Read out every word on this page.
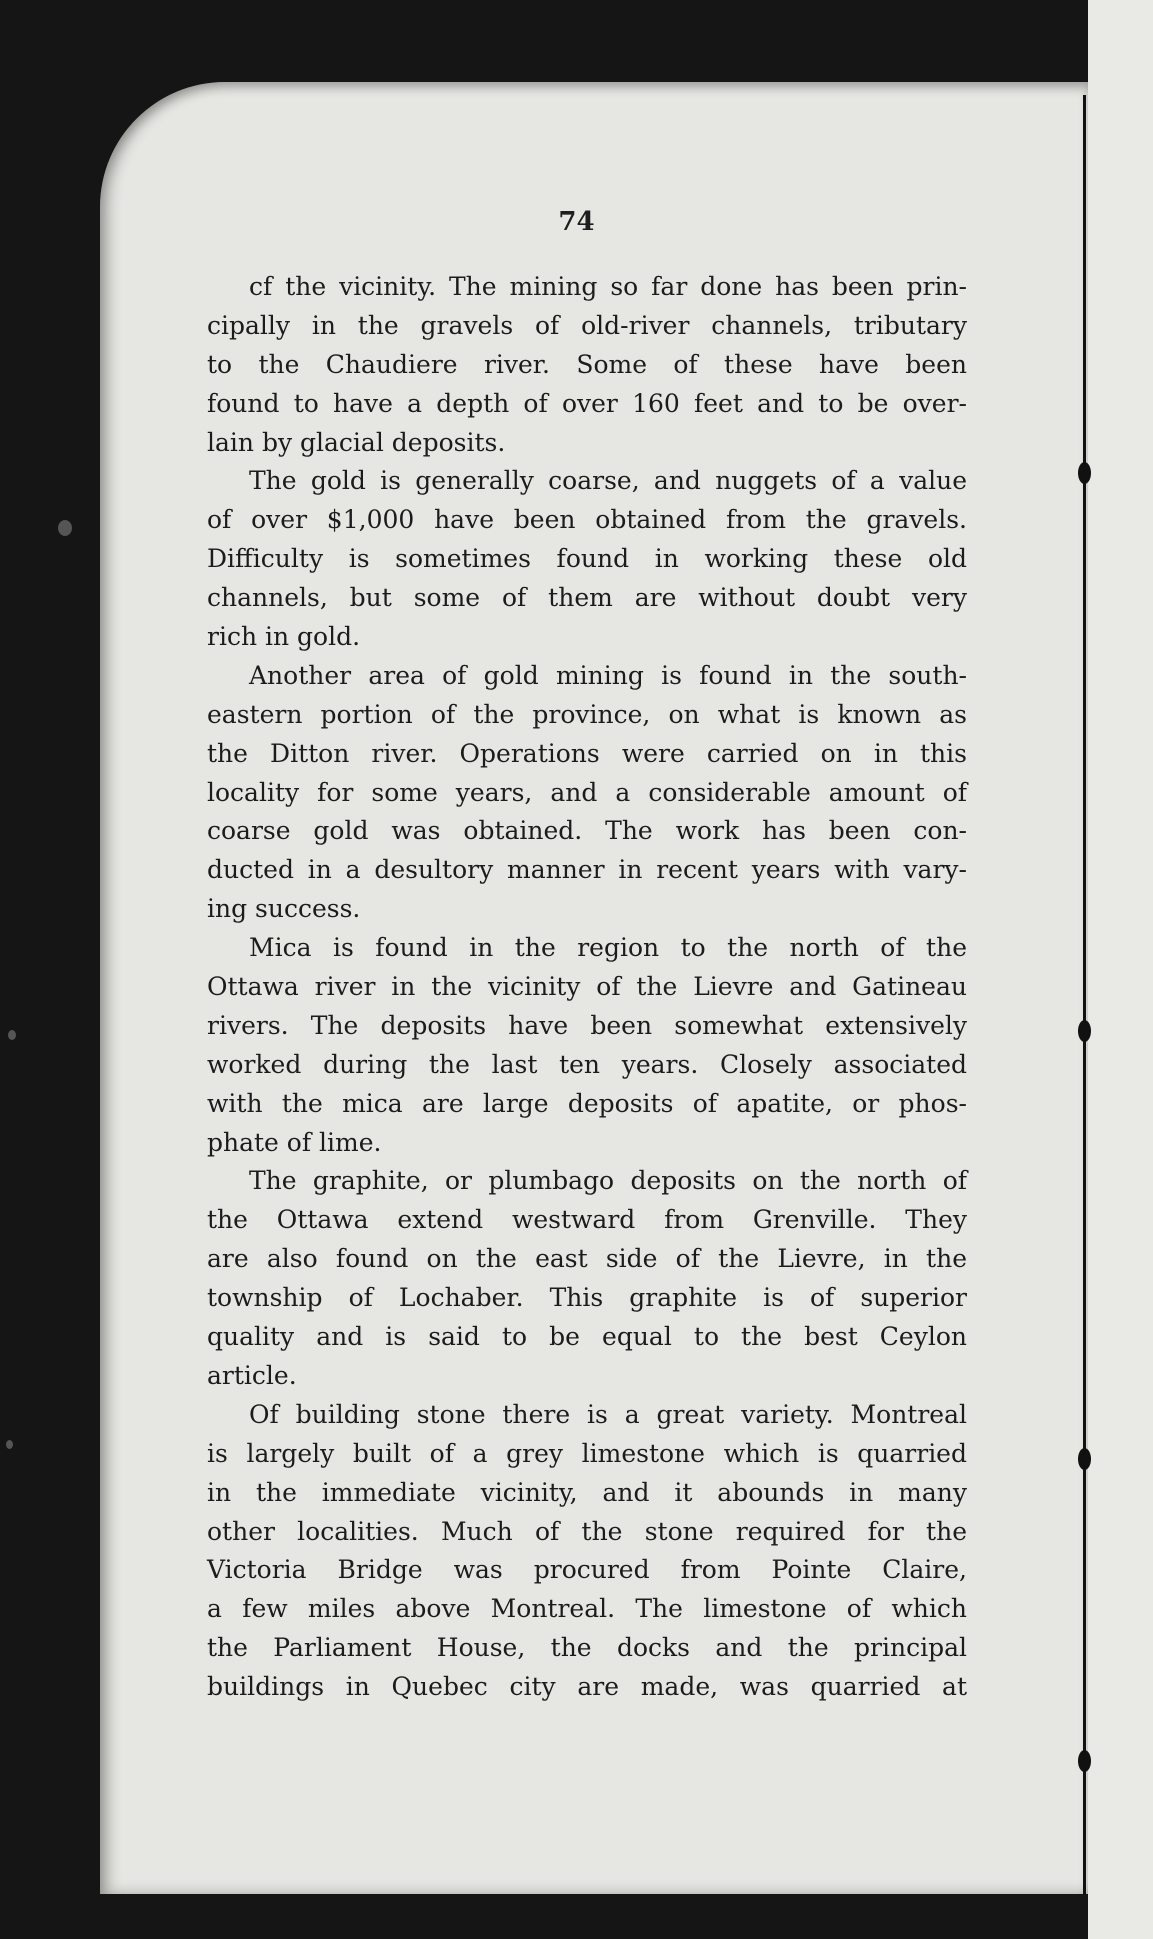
74
cf the vicinity. The mining so far done has been prin-
cipally in the gravels of old-river channels, tributary
to the Chaudiere river. Some of these have been
found to have a depth of over 160 feet and to be over-
lain by glacial deposits.
The gold is generally coarse, and nuggets of a value
of over $1,000 have been obtained from the gravels.
Difficulty is sometimes found in working these old
channels, but some of them are without doubt very
rich in gold.
Another area of gold mining is found in the south-
eastern portion of the province, on what is known as
the Ditton river. Operations were carried on in this
locality for some years, and a considerable amount of
coarse gold was obtained. The work has been con-
ducted in a desultory manner in recent years with vary-
ing success.
Mica is found in the region to the north of the
Ottawa river in the vicinity of the Lievre and Gatineau
rivers. The deposits have been somewhat extensively
worked during the last ten years. Closely associated
with the mica are large deposits of apatite, or phos-
phate of lime.
The graphite, or plumbago deposits on the north of
the Ottawa extend westward from Grenville. They
are also found on the east side of the Lievre, in the
township of Lochaber. This graphite is of superior
quality and is said to be equal to the best Ceylon
article.
Of building stone there is a great variety. Montreal
is largely built of a grey limestone which is quarried
in the immediate vicinity, and it abounds in many
other localities. Much of the stone required for the
Victoria Bridge was procured from Pointe Claire,
a few miles above Montreal. The limestone of which
the Parliament House, the docks and the principal
buildings in Quebec city are made, was quarried at
